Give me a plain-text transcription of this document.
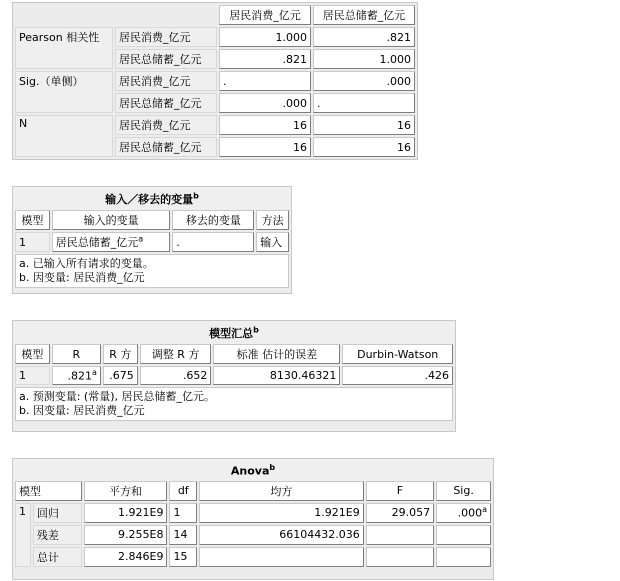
		居民消费_亿元	居民总储蓄_亿元
Pearson 相关性	居民消费_亿元	1.000	.821
	居民总储蓄_亿元	.821	1.000
Sig.（单侧）	居民消费_亿元	.	.000
	居民总储蓄_亿元	.000	.
N	居民消费_亿元	16	16
	居民总储蓄_亿元	16	16
输入／移去的变量$^b$
模型	输入的变量	移去的变量	方法
1	居民总储蓄_亿元$^a$	.	输入

a. 已输入所有请求的变量。
b. 因变量: 居民消费_亿元			
模型汇总$^b$
模型	R	R 方	调整 R 方	标准 估计的误差	Durbin-Watson
1	.821$^a$	.675	.652	8130.46321	.426

a. 预测变量: (常量), 居民总储蓄_亿元。
b. 因变量: 居民消费_亿元					
Anova$^b$
模型		平方和	df	均方	F	Sig.
1	回归	1.921E9	1	1.921E9	29.057	.000$^a$
	残差	9.255E8	14	66104432.036		
	总计	2.846E9	15			
